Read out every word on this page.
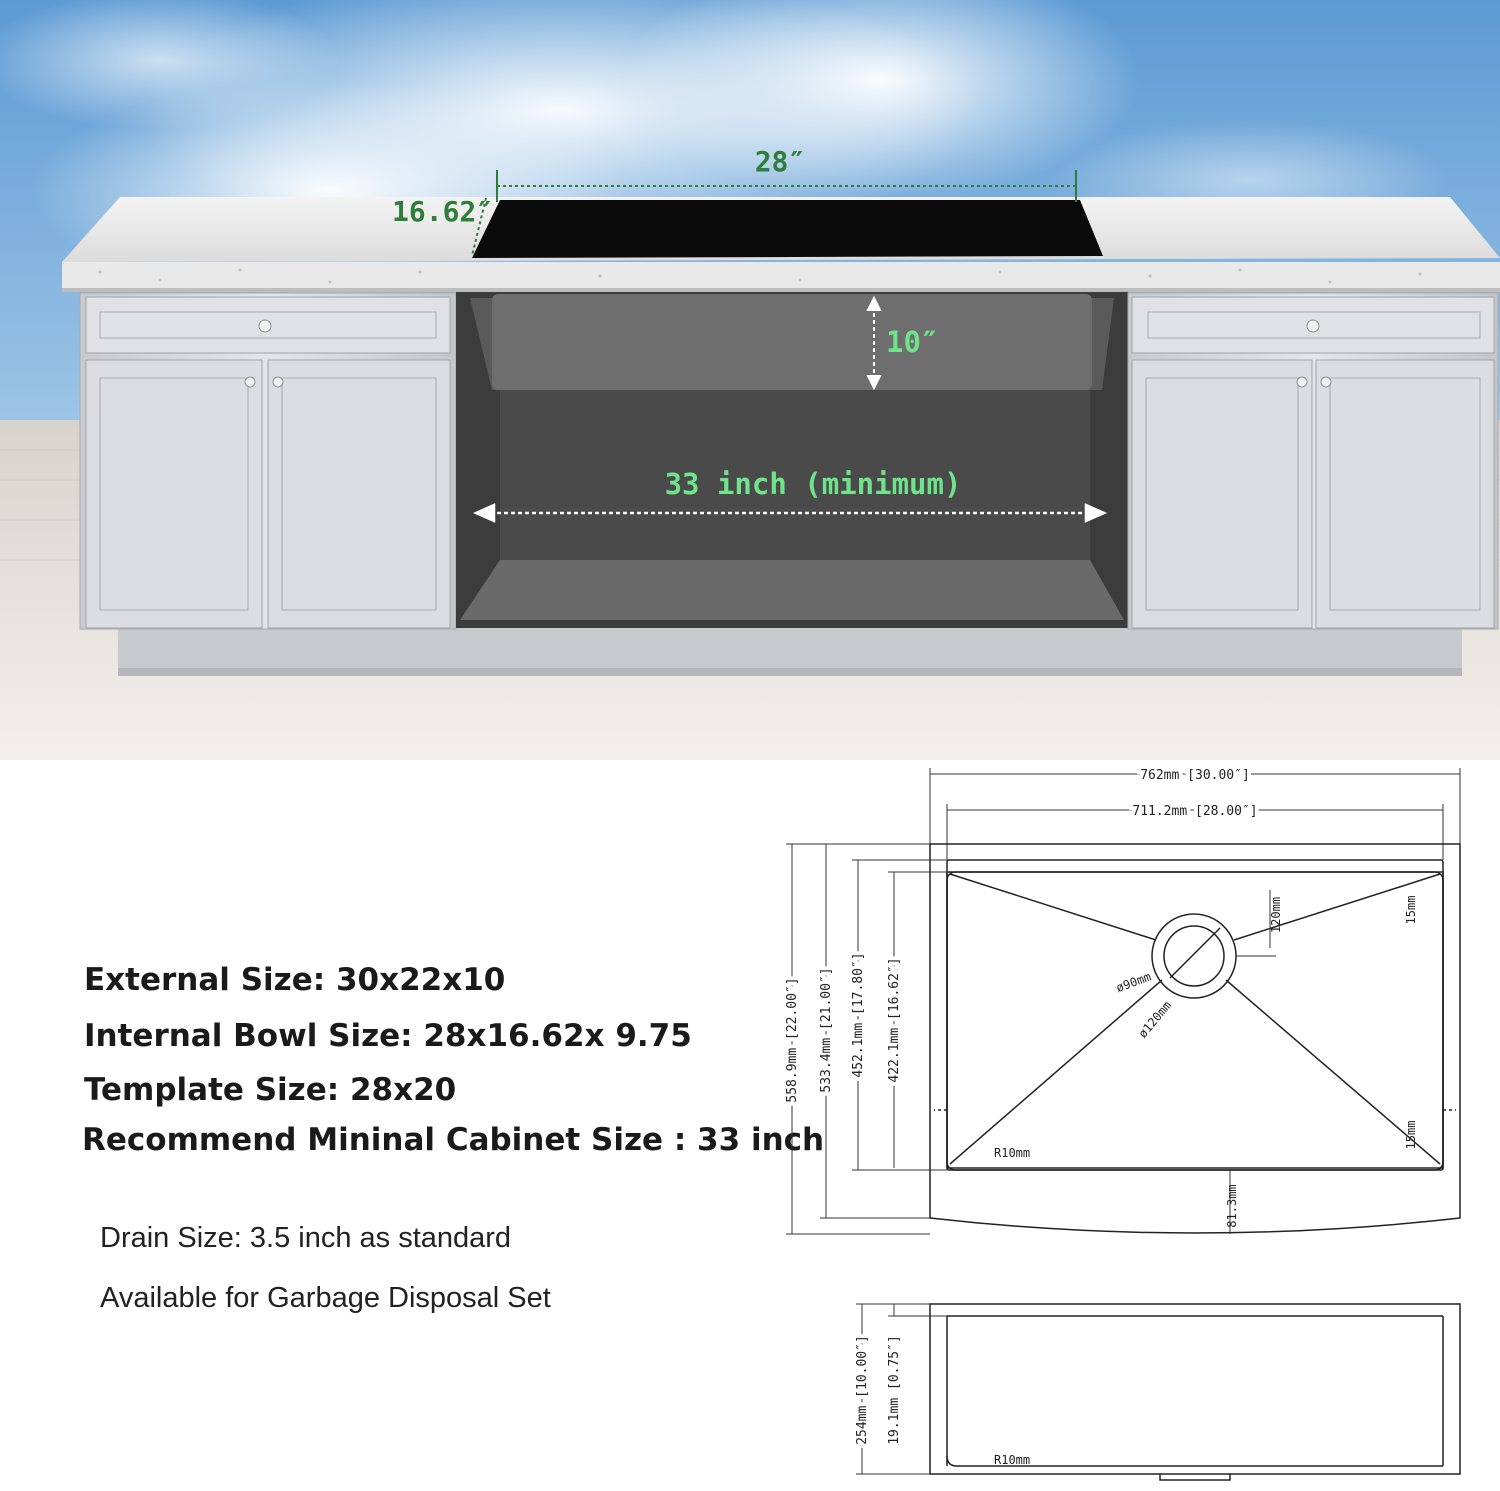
28″
16.62″
10″
33 inch (minimum)
External Size: 30x22x10
Internal Bowl Size: 28x16.62x 9.75
Template Size: 28x20
Recommend Mininal Cabinet Size : 33 inch
Drain Size: 3.5 inch as standard
Available for Garbage Disposal Set
762mm [30.00″]
711.2mm [28.00″]
558.9mm [22.00″] 533.4mm [21.00″] 452.1mm [17.80″] 422.1mm [16.62″]
120mm	15mm
15mm
ø90mm
ø120mm
R10mm
81.3mm
254mm [10.00″] 19.1mm [0.75″]
R10mm
